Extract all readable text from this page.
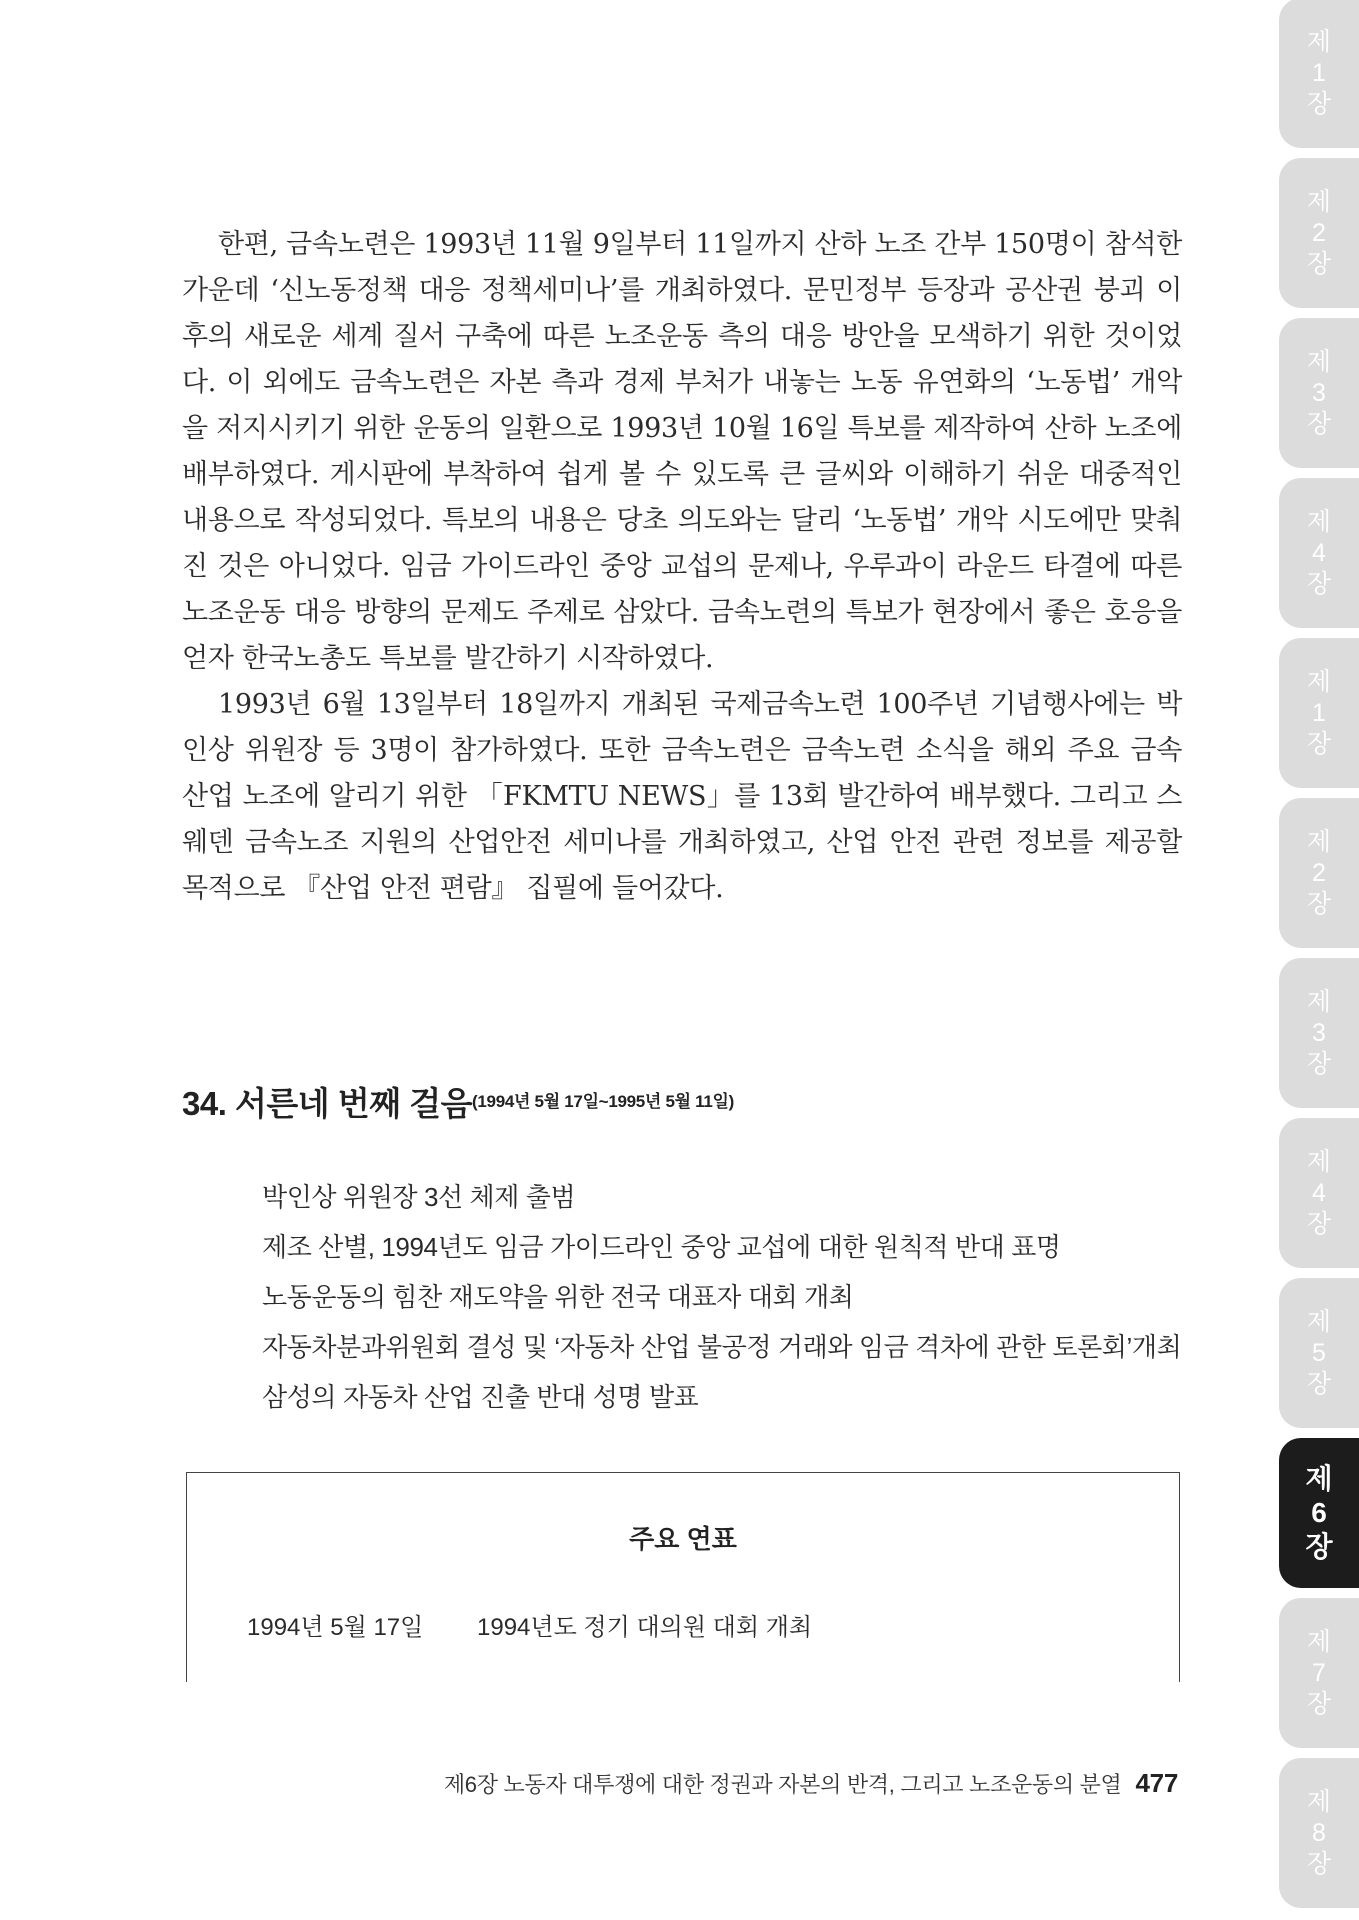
한편, 금속노련은 1993년 11월 9일부터 11일까지 산하 노조 간부 150명이 참석한 가운데 ‘신노동정책 대응 정책세미나’를 개최하였다. 문민정부 등장과 공산권 붕괴 이후의 새로운 세계 질서 구축에 따른 노조운동 측의 대응 방안을 모색하기 위한 것이었다. 이 외에도 금속노련은 자본 측과 경제 부처가 내놓는 노동 유연화의 ‘노동법’ 개악을 저지시키기 위한 운동의 일환으로 1993년 10월 16일 특보를 제작하여 산하 노조에 배부하였다. 게시판에 부착하여 쉽게 볼 수 있도록 큰 글씨와 이해하기 쉬운 대중적인 내용으로 작성되었다. 특보의 내용은 당초 의도와는 달리 ‘노동법’ 개악 시도에만 맞춰진 것은 아니었다. 임금 가이드라인 중앙 교섭의 문제나, 우루과이 라운드 타결에 따른 노조운동 대응 방향의 문제도 주제로 삼았다. 금속노련의 특보가 현장에서 좋은 호응을 얻자 한국노총도 특보를 발간하기 시작하였다.

1993년 6월 13일부터 18일까지 개최된 국제금속노련 100주년 기념행사에는 박인상 위원장 등 3명이 참가하였다. 또한 금속노련은 금속노련 소식을 해외 주요 금속 산업 노조에 알리기 위한 「FKMTU NEWS」를 13회 발간하여 배부했다. 그리고 스웨덴 금속노조 지원의 산업안전 세미나를 개최하였고, 산업 안전 관련 정보를 제공할 목적으로 『산업 안전 편람』 집필에 들어갔다.

34. 서른네 번째 걸음(1994년 5월 17일~1995년 5월 11일)
박인상 위원장 3선 체제 출범
제조 산별, 1994년도 임금 가이드라인 중앙 교섭에 대한 원칙적 반대 표명
노동운동의 힘찬 재도약을 위한 전국 대표자 대회 개최
자동차분과위원회 결성 및 ‘자동차 산업 불공정 거래와 임금 격차에 관한 토론회’개최
삼성의 자동차 산업 진출 반대 성명 발표
주요 연표
1994년 5월 17일 1994년도 정기 대의원 대회 개최
제6장 노동자 대투쟁에 대한 정권과 자본의 반격, 그리고 노조운동의 분열 477
제
1
장
제
2
장
제
3
장
제
4
장
제
1
장
제
2
장
제
3
장
제
4
장
제
5
장
제
6
장
제
7
장
제
8
장
